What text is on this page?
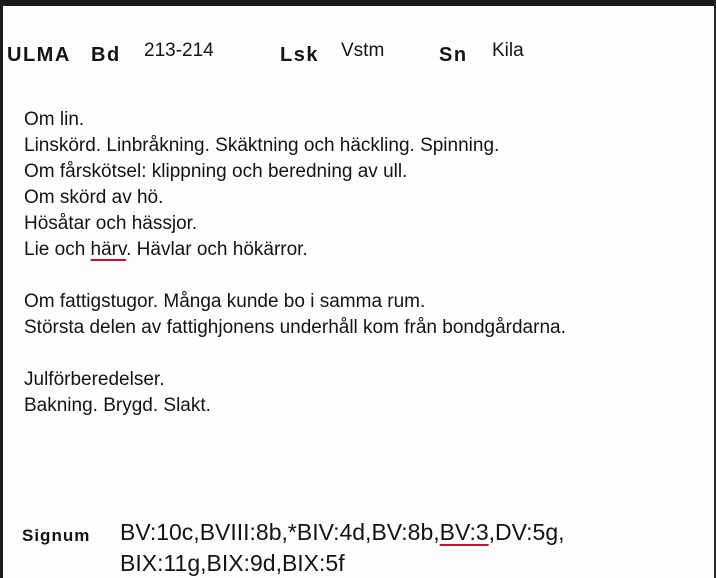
ULMA Bd 213-214	Lsk Vstm	Sn Kila
Om lin.
Linskörd. Linbråkning. Skäktning och häckling. Spinning.
Om fårskötsel: klippning och beredning av ull.
Om skörd av hö.
Hösåtar och hässjor.
Lie och härv. Hävlar och hökärror.
Om fattigstugor. Många kunde bo i samma rum.
Största delen av fattighjonens underhåll kom från bondgårdarna.
Julförberedelser.
Bakning. Brygd. Slakt.
Signum BV:10c,BVIII:8b,*BIV:4d,BV:8b,BV:3,DV:5g,
BIX:11g,BIX:9d,BIX:5f
